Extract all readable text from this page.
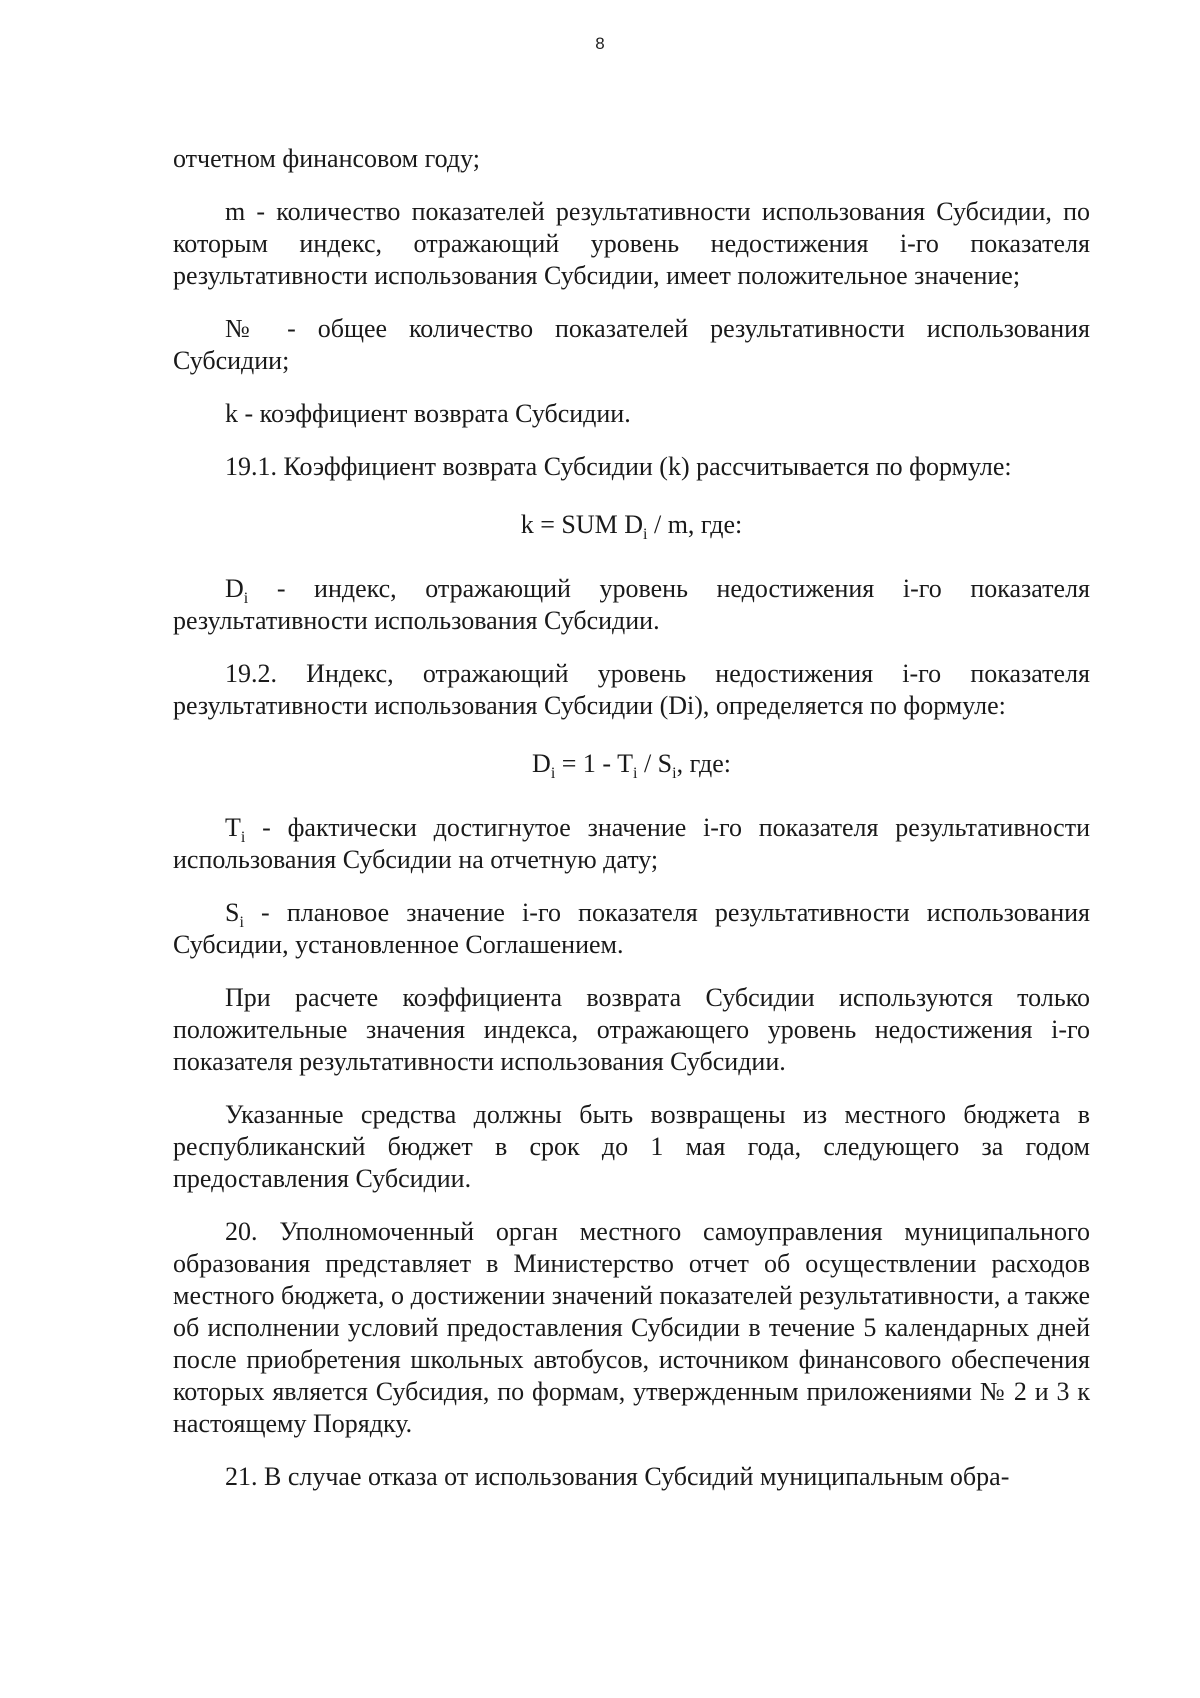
8

отчетном финансовом году;

m - количество показателей результативности использования Субсидии, по которым индекс, отражающий уровень недостижения i-го показателя результативности использования Субсидии, имеет положительное значение;

№ - общее количество показателей результативности использования Субсидии;

k - коэффициент возврата Субсидии.

19.1. Коэффициент возврата Субсидии (k) рассчитывается по формуле:

k = SUM $D_i$ / m, где:

$D_i$ - индекс, отражающий уровень недостижения i-го показателя результативности использования Субсидии.

19.2. Индекс, отражающий уровень недостижения i-го показателя результативности использования Субсидии (Di), определяется по формуле:

$D_i = 1 - T_i / S_i$, где:

$T_i$ - фактически достигнутое значение i-го показателя результативности использования Субсидии на отчетную дату;

$S_i$ - плановое значение i-го показателя результативности использования Субсидии, установленное Соглашением.

При расчете коэффициента возврата Субсидии используются только положительные значения индекса, отражающего уровень недостижения i-го показателя результативности использования Субсидии.

Указанные средства должны быть возвращены из местного бюджета в республиканский бюджет в срок до 1 мая года, следующего за годом предоставления Субсидии.

20. Уполномоченный орган местного самоуправления муниципального образования представляет в Министерство отчет об осуществлении расходов местного бюджета, о достижении значений показателей результативности, а также об исполнении условий предоставления Субсидии в течение 5 календарных дней после приобретения школьных автобусов, источником финансового обеспечения которых является Субсидия, по формам, утвержденным приложениями № 2 и 3 к настоящему Порядку.

21. В случае отказа от использования Субсидий муниципальным обра-
